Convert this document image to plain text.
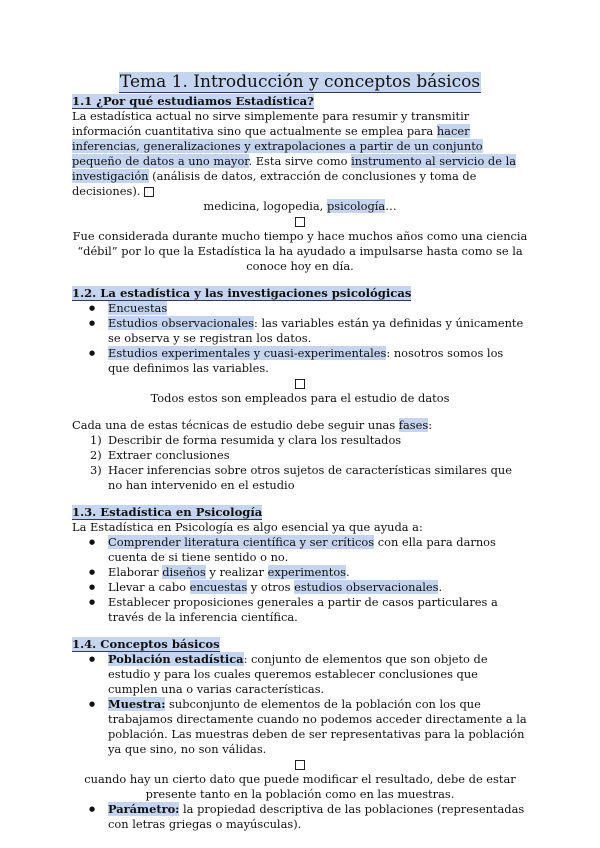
Tema 1. Introducción y conceptos básicos
1.1 ¿Por qué estudiamos Estadística?

La estadística actual no sirve simplemente para resumir y transmitir información cuantitativa sino que actualmente se emplea para hacer inferencias, generalizaciones y extrapolaciones a partir de un conjunto pequeño de datos a uno mayor. Esta sirve como instrumento al servicio de la investigación (análisis de datos, extracción de conclusiones y toma de decisiones).

medicina, logopedia, psicología…

Fue considerada durante mucho tiempo y hace muchos años como una ciencia “débil” por lo que la Estadística la ha ayudado a impulsarse hasta como se la conoce hoy en día.

1.2. La estadística y las investigaciones psicológicas
● Encuestas
● Estudios observacionales: las variables están ya definidas y únicamente se observa y se registran los datos.
● Estudios experimentales y cuasi-experimentales: nosotros somos los que definimos las variables.

Todos estos son empleados para el estudio de datos

Cada una de estas técnicas de estudio debe seguir unas fases:

1) Describir de forma resumida y clara los resultados
2) Extraer conclusiones
3) Hacer inferencias sobre otros sujetos de características similares que no han intervenido en el estudio
1.3. Estadística en Psicología

La Estadística en Psicología es algo esencial ya que ayuda a:

● Comprender literatura científica y ser críticos con ella para darnos cuenta de si tiene sentido o no.
● Elaborar diseños y realizar experimentos.
● Llevar a cabo encuestas y otros estudios observacionales.
● Establecer proposiciones generales a partir de casos particulares a través de la inferencia científica.
1.4. Conceptos básicos
● Población estadística: conjunto de elementos que son objeto de estudio y para los cuales queremos establecer conclusiones que cumplen una o varias características.
● Muestra: subconjunto de elementos de la población con los que trabajamos directamente cuando no podemos acceder directamente a la población. Las muestras deben de ser representativas para la población ya que sino, no son válidas.

cuando hay un cierto dato que puede modificar el resultado, debe de estar presente tanto en la población como en las muestras.

● Parámetro: la propiedad descriptiva de las poblaciones (representadas con letras griegas o mayúsculas).
